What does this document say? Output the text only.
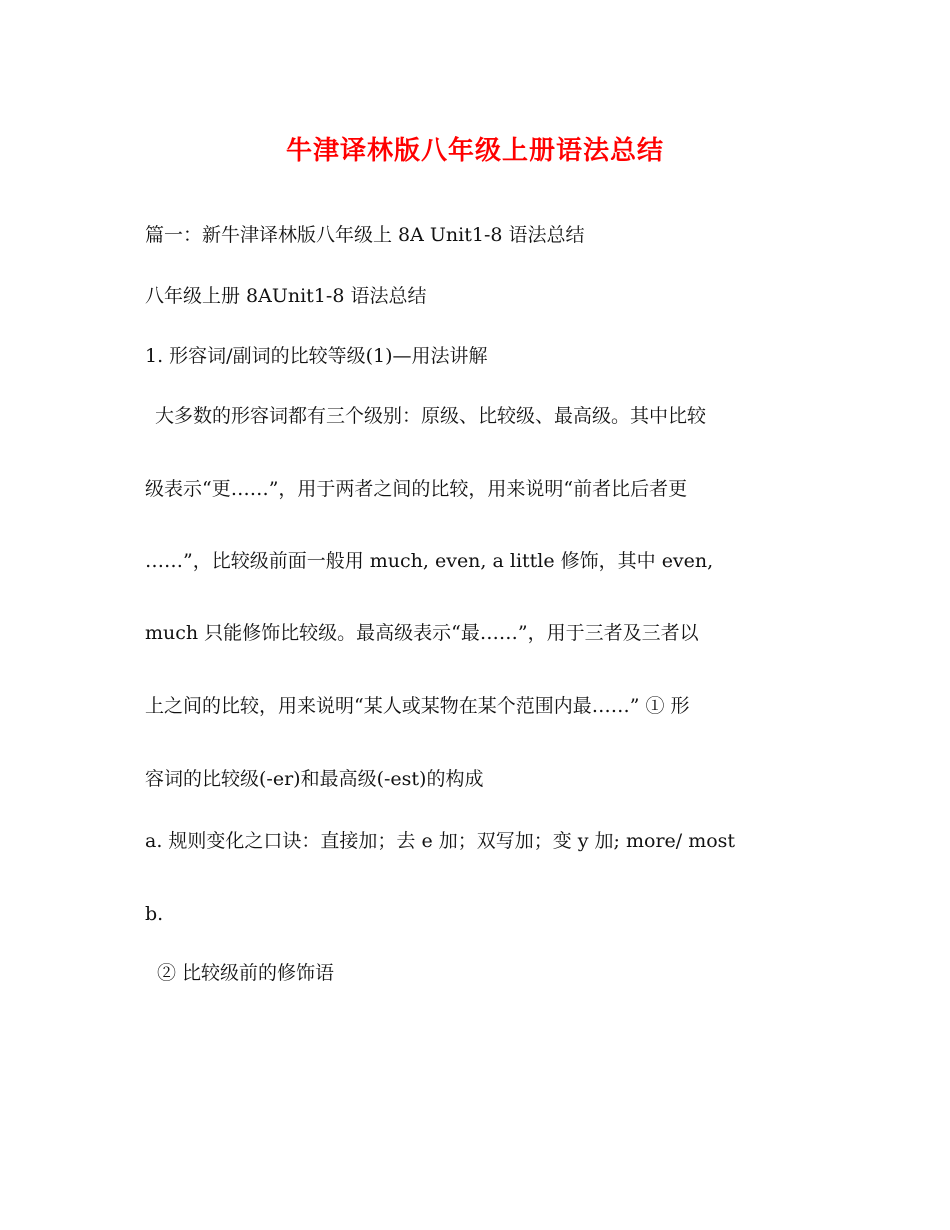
牛津译林版八年级上册语法总结
篇一：新牛津译林版八年级上 8A Unit1-8 语法总结
八年级上册 8AUnit1-8 语法总结
1. 形容词/副词的比较等级(1)—用法讲解
大多数的形容词都有三个级别：原级、比较级、最高级。其中比较
级表示“更……”，用于两者之间的比较，用来说明“前者比后者更
……”，比较级前面一般用 much, even, a little 修饰，其中 even,
much 只能修饰比较级。最高级表示“最……”，用于三者及三者以
上之间的比较，用来说明“某人或某物在某个范围内最……” ① 形
容词的比较级(-er)和最高级(-est)的构成
a. 规则变化之口诀：直接加；去 e 加；双写加；变 y 加; more/ most
b.
② 比较级前的修饰语
